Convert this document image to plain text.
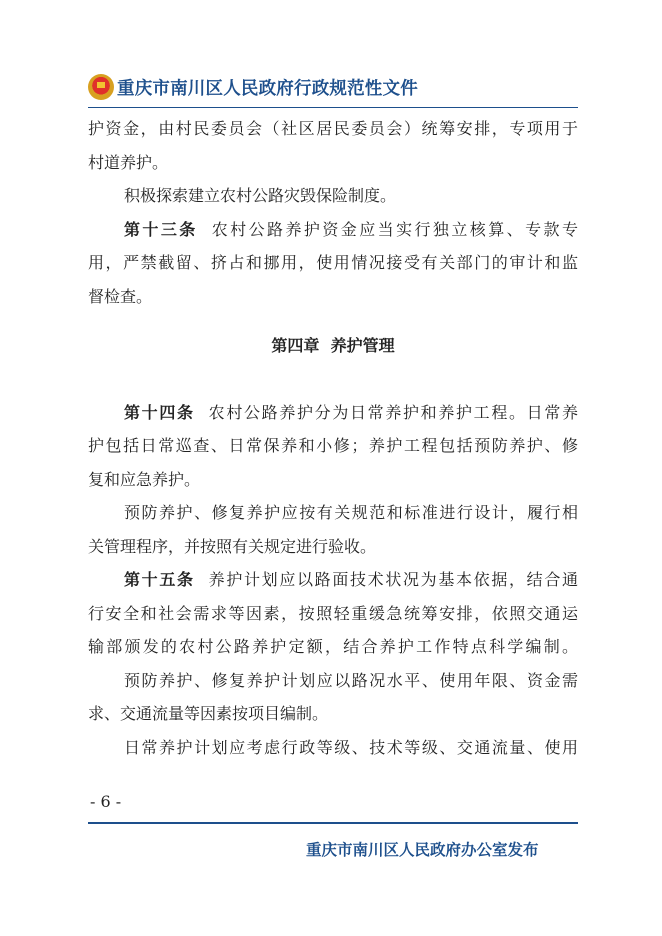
重庆市南川区人民政府行政规范性文件
护资金，由村民委员会（社区居民委员会）统筹安排，专项用于
村道养护。
积极探索建立农村公路灾毁保险制度。
第十三条 农村公路养护资金应当实行独立核算、专款专
用，严禁截留、挤占和挪用，使用情况接受有关部门的审计和监
督检查。
第四章  养护管理
第十四条 农村公路养护分为日常养护和养护工程。日常养
护包括日常巡查、日常保养和小修；养护工程包括预防养护、修
复和应急养护。
预防养护、修复养护应按有关规范和标准进行设计，履行相
关管理程序，并按照有关规定进行验收。
第十五条 养护计划应以路面技术状况为基本依据，结合通
行安全和社会需求等因素，按照轻重缓急统筹安排，依照交通运
输部颁发的农村公路养护定额，结合养护工作特点科学编制。
预防养护、修复养护计划应以路况水平、使用年限、资金需
求、交通流量等因素按项目编制。
日常养护计划应考虑行政等级、技术等级、交通流量、使用
- 6 -
重庆市南川区人民政府办公室发布
